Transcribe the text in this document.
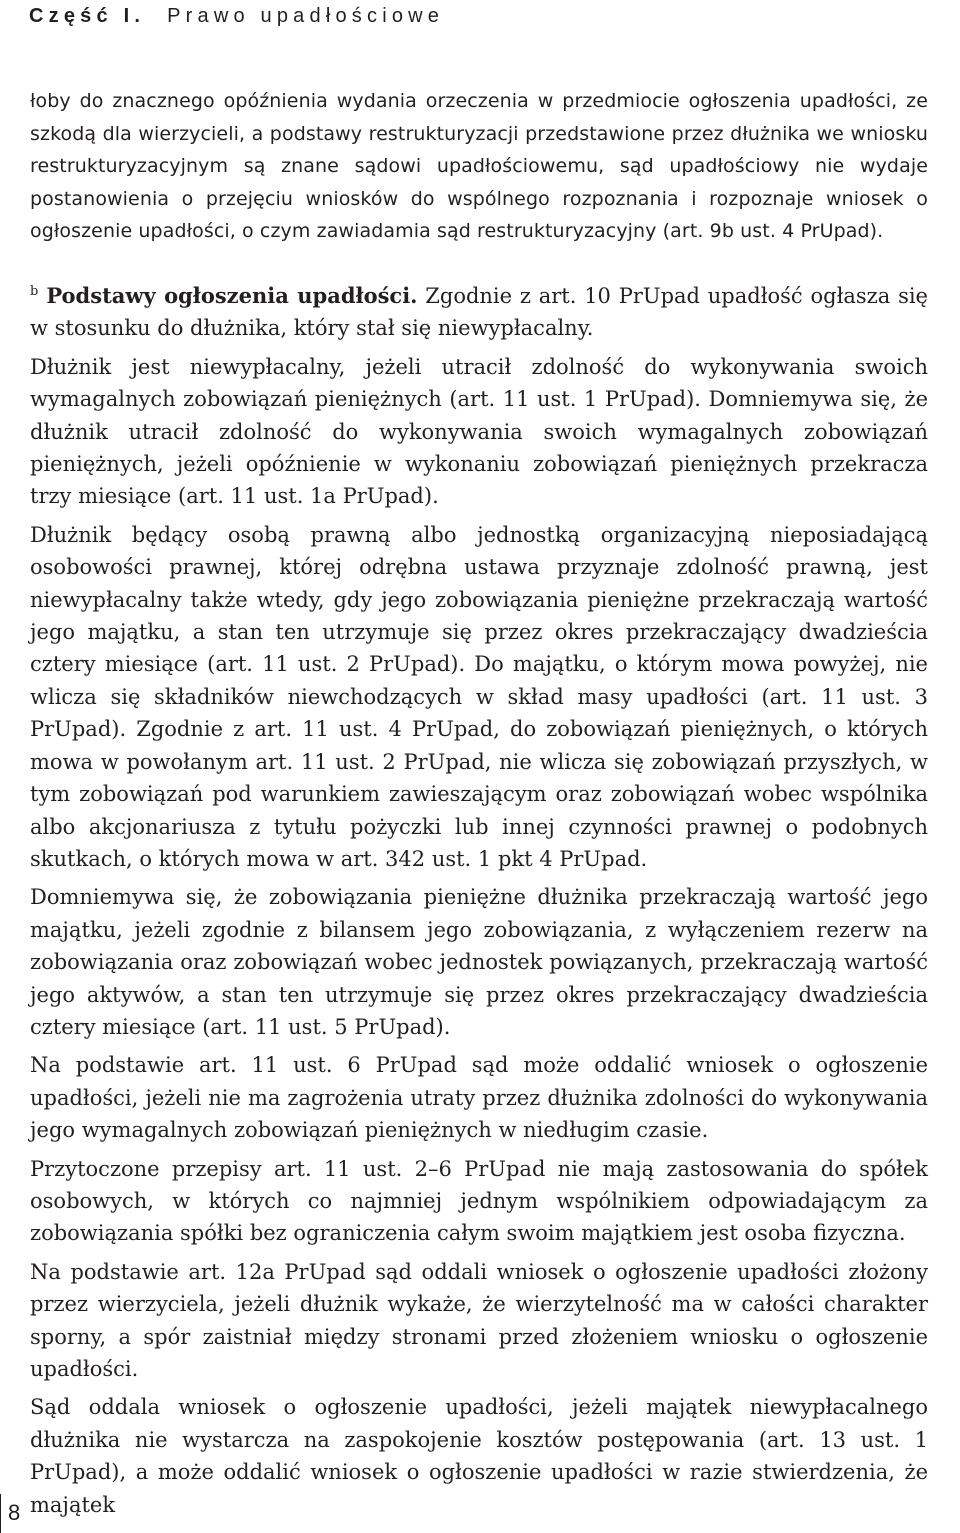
Część I. Prawo upadłościowe

łoby do znacznego opóźnienia wydania orzeczenia w przedmiocie ogłoszenia upadłości, ze szkodą dla wierzycieli, a podstawy restrukturyzacji przedstawione przez dłużnika we wniosku restrukturyzacyjnym są znane sądowi upadłościowemu, sąd upadłościowy nie wydaje postanowienia o przejęciu wniosków do wspólnego rozpoznania i rozpoznaje wniosek o ogłoszenie upadłości, o czym zawiadamia sąd restrukturyzacyjny (art. 9b ust. 4 PrUpad).

$^b$ Podstawy ogłoszenia upadłości. Zgodnie z art. 10 PrUpad upadłość ogłasza się w stosunku do dłużnika, który stał się niewypłacalny.

Dłużnik jest niewypłacalny, jeżeli utracił zdolność do wykonywania swoich wymagalnych zobowiązań pieniężnych (art. 11 ust. 1 PrUpad). Domniemywa się, że dłużnik utracił zdolność do wykonywania swoich wymagalnych zobowiązań pieniężnych, jeżeli opóźnienie w wykonaniu zobowiązań pieniężnych przekracza trzy miesiące (art. 11 ust. 1a PrUpad).

Dłużnik będący osobą prawną albo jednostką organizacyjną nieposiadającą osobowości prawnej, której odrębna ustawa przyznaje zdolność prawną, jest niewypłacalny także wtedy, gdy jego zobowiązania pieniężne przekraczają wartość jego majątku, a stan ten utrzymuje się przez okres przekraczający dwadzieścia cztery miesiące (art. 11 ust. 2 PrUpad). Do majątku, o którym mowa powyżej, nie wlicza się składników niewchodzących w skład masy upadłości (art. 11 ust. 3 PrUpad). Zgodnie z art. 11 ust. 4 PrUpad, do zobowiązań pieniężnych, o których mowa w powołanym art. 11 ust. 2 PrUpad, nie wlicza się zobowiązań przyszłych, w tym zobowiązań pod warunkiem zawieszającym oraz zobowiązań wobec wspólnika albo akcjonariusza z tytułu pożyczki lub innej czynności prawnej o podobnych skutkach, o których mowa w art. 342 ust. 1 pkt 4 PrUpad.

Domniemywa się, że zobowiązania pieniężne dłużnika przekraczają wartość jego majątku, jeżeli zgodnie z bilansem jego zobowiązania, z wyłączeniem rezerw na zobowiązania oraz zobowiązań wobec jednostek powiązanych, przekraczają wartość jego aktywów, a stan ten utrzymuje się przez okres przekraczający dwadzieścia cztery miesiące (art. 11 ust. 5 PrUpad).

Na podstawie art. 11 ust. 6 PrUpad sąd może oddalić wniosek o ogłoszenie upadłości, jeżeli nie ma zagrożenia utraty przez dłużnika zdolności do wykonywania jego wymagalnych zobowiązań pieniężnych w niedługim czasie.

Przytoczone przepisy art. 11 ust. 2–6 PrUpad nie mają zastosowania do spółek osobowych, w których co najmniej jednym wspólnikiem odpowiadającym za zobowiązania spółki bez ograniczenia całym swoim majątkiem jest osoba fizyczna.

Na podstawie art. 12a PrUpad sąd oddali wniosek o ogłoszenie upadłości złożony przez wierzyciela, jeżeli dłużnik wykaże, że wierzytelność ma w całości charakter sporny, a spór zaistniał między stronami przed złożeniem wniosku o ogłoszenie upadłości.

Sąd oddala wniosek o ogłoszenie upadłości, jeżeli majątek niewypłacalnego dłużnika nie wystarcza na zaspokojenie kosztów postępowania (art. 13 ust. 1 PrUpad), a może oddalić wniosek o ogłoszenie upadłości w razie stwierdzenia, że majątek

8
